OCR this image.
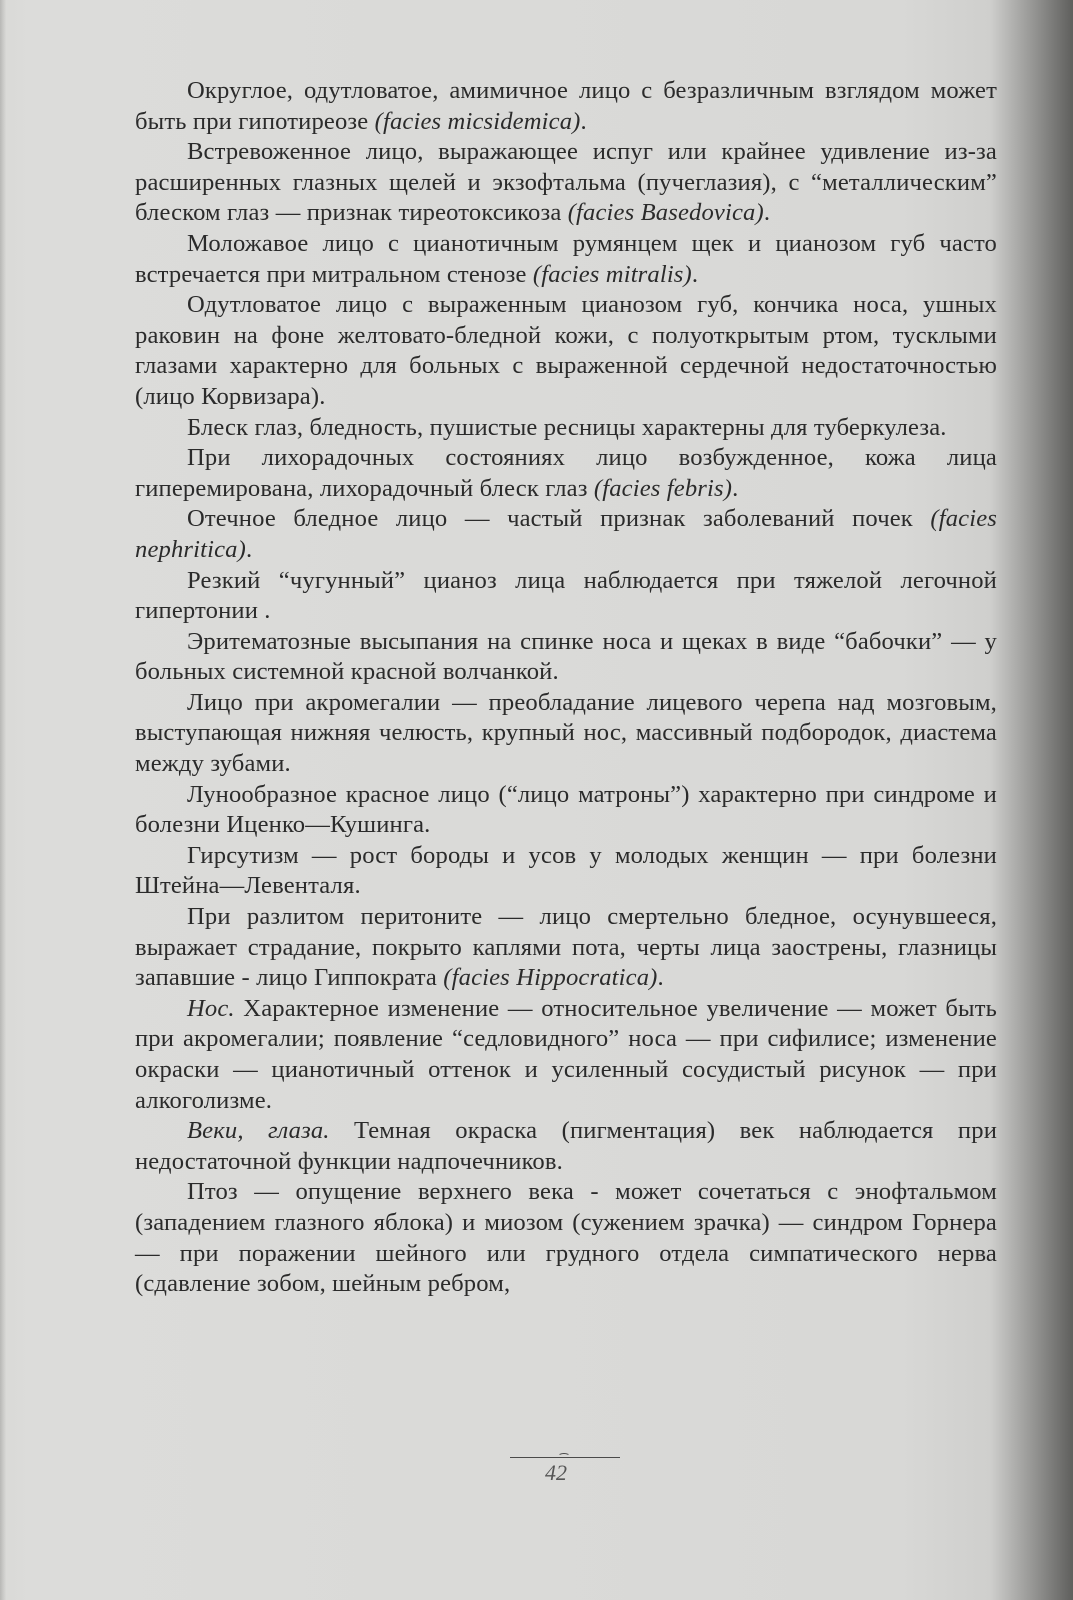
Округлое, одутловатое, амимичное лицо с безразличным взглядом может быть при гипотиреозе (facies micsidemica).

Встревоженное лицо, выражающее испуг или крайнее удивление из-за расширенных глазных щелей и экзофтальма (пучеглазия), с “металлическим” блеском глаз — признак тиреотоксикоза (facies Basedovica).

Моложавое лицо с цианотичным румянцем щек и цианозом губ часто встречается при митральном стенозе (facies mitralis).

Одутловатое лицо с выраженным цианозом губ, кончика носа, ушных раковин на фоне желтовато-бледной кожи, с полуоткрытым ртом, тусклыми глазами характерно для больных с выраженной сердечной недостаточностью (лицо Корвизара).

Блеск глаз, бледность, пушистые ресницы характерны для туберкулеза.

При лихорадочных состояниях лицо возбужденное, кожа лица гиперемирована, лихорадочный блеск глаз (facies febris).

Отечное бледное лицо — частый признак заболеваний почек (facies nephritica).

Резкий “чугунный” цианоз лица наблюдается при тяжелой легочной гипертонии .

Эритематозные высыпания на спинке носа и щеках в виде “бабочки” — у больных системной красной волчанкой.

Лицо при акромегалии — преобладание лицевого черепа над мозговым, выступающая нижняя челюсть, крупный нос, массивный подбородок, диастема между зубами.

Лунообразное красное лицо (“лицо матроны”) характерно при синдроме и болезни Иценко—Кушинга.

Гирсутизм — рост бороды и усов у молодых женщин — при болезни Штейна—Левенталя.

При разлитом перитоните — лицо смертельно бледное, осунувшееся, выражает страдание, покрыто каплями пота, черты лица заострены, глазницы запавшие - лицо Гиппократа (facies Hippocratica).

Нос. Характерное изменение — относительное увеличение — может быть при акромегалии; появление “седловидного” носа — при сифилисе; изменение окраски — цианотичный оттенок и усиленный сосудистый рисунок — при алкоголизме.

Веки, глаза. Темная окраска (пигментация) век наблюдается при недостаточной функции надпочечников.

Птоз — опущение верхнего века - может сочетаться с энофтальмом (западением глазного яблока) и миозом (сужением зрачка) — синдром Горнера — при поражении шейного или грудного отдела симпатического нерва (сдавление зобом, шейным ребром,

42
